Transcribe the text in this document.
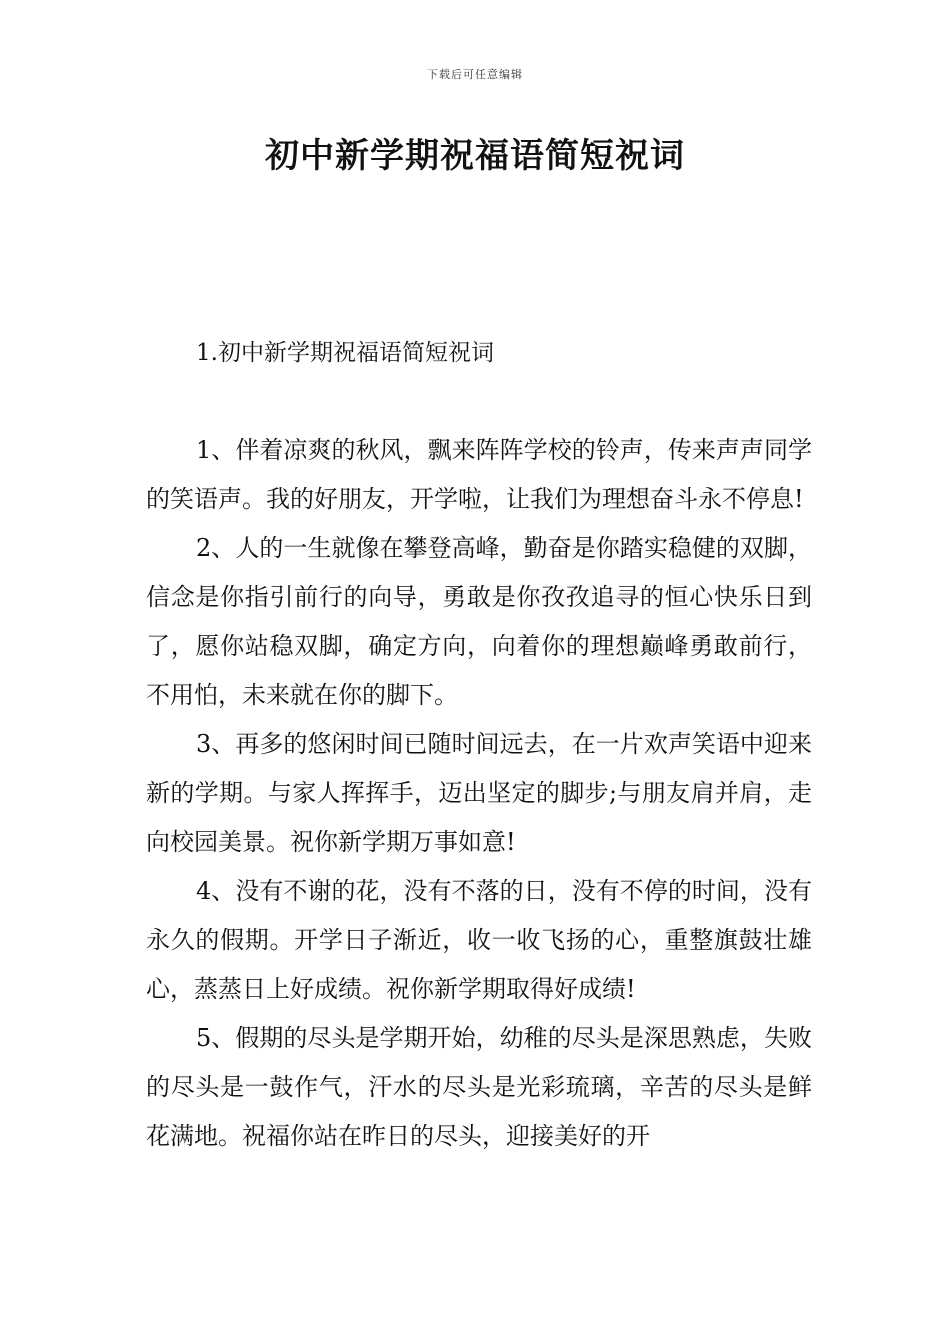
下载后可任意编辑
初中新学期祝福语简短祝词
1.初中新学期祝福语简短祝词

1、伴着凉爽的秋风，飘来阵阵学校的铃声，传来声声同学的笑语声。我的好朋友，开学啦，让我们为理想奋斗永不停息!

2、人的一生就像在攀登高峰，勤奋是你踏实稳健的双脚，信念是你指引前行的向导，勇敢是你孜孜追寻的恒心快乐日到了，愿你站稳双脚，确定方向，向着你的理想巅峰勇敢前行，不用怕，未来就在你的脚下。

3、再多的悠闲时间已随时间远去，在一片欢声笑语中迎来新的学期。与家人挥挥手，迈出坚定的脚步;与朋友肩并肩，走向校园美景。祝你新学期万事如意!

4、没有不谢的花，没有不落的日，没有不停的时间，没有永久的假期。开学日子渐近，收一收飞扬的心，重整旗鼓壮雄心，蒸蒸日上好成绩。祝你新学期取得好成绩!

5、假期的尽头是学期开始，幼稚的尽头是深思熟虑，失败的尽头是一鼓作气，汗水的尽头是光彩琉璃，辛苦的尽头是鲜花满地。祝福你站在昨日的尽头，迎接美好的开
